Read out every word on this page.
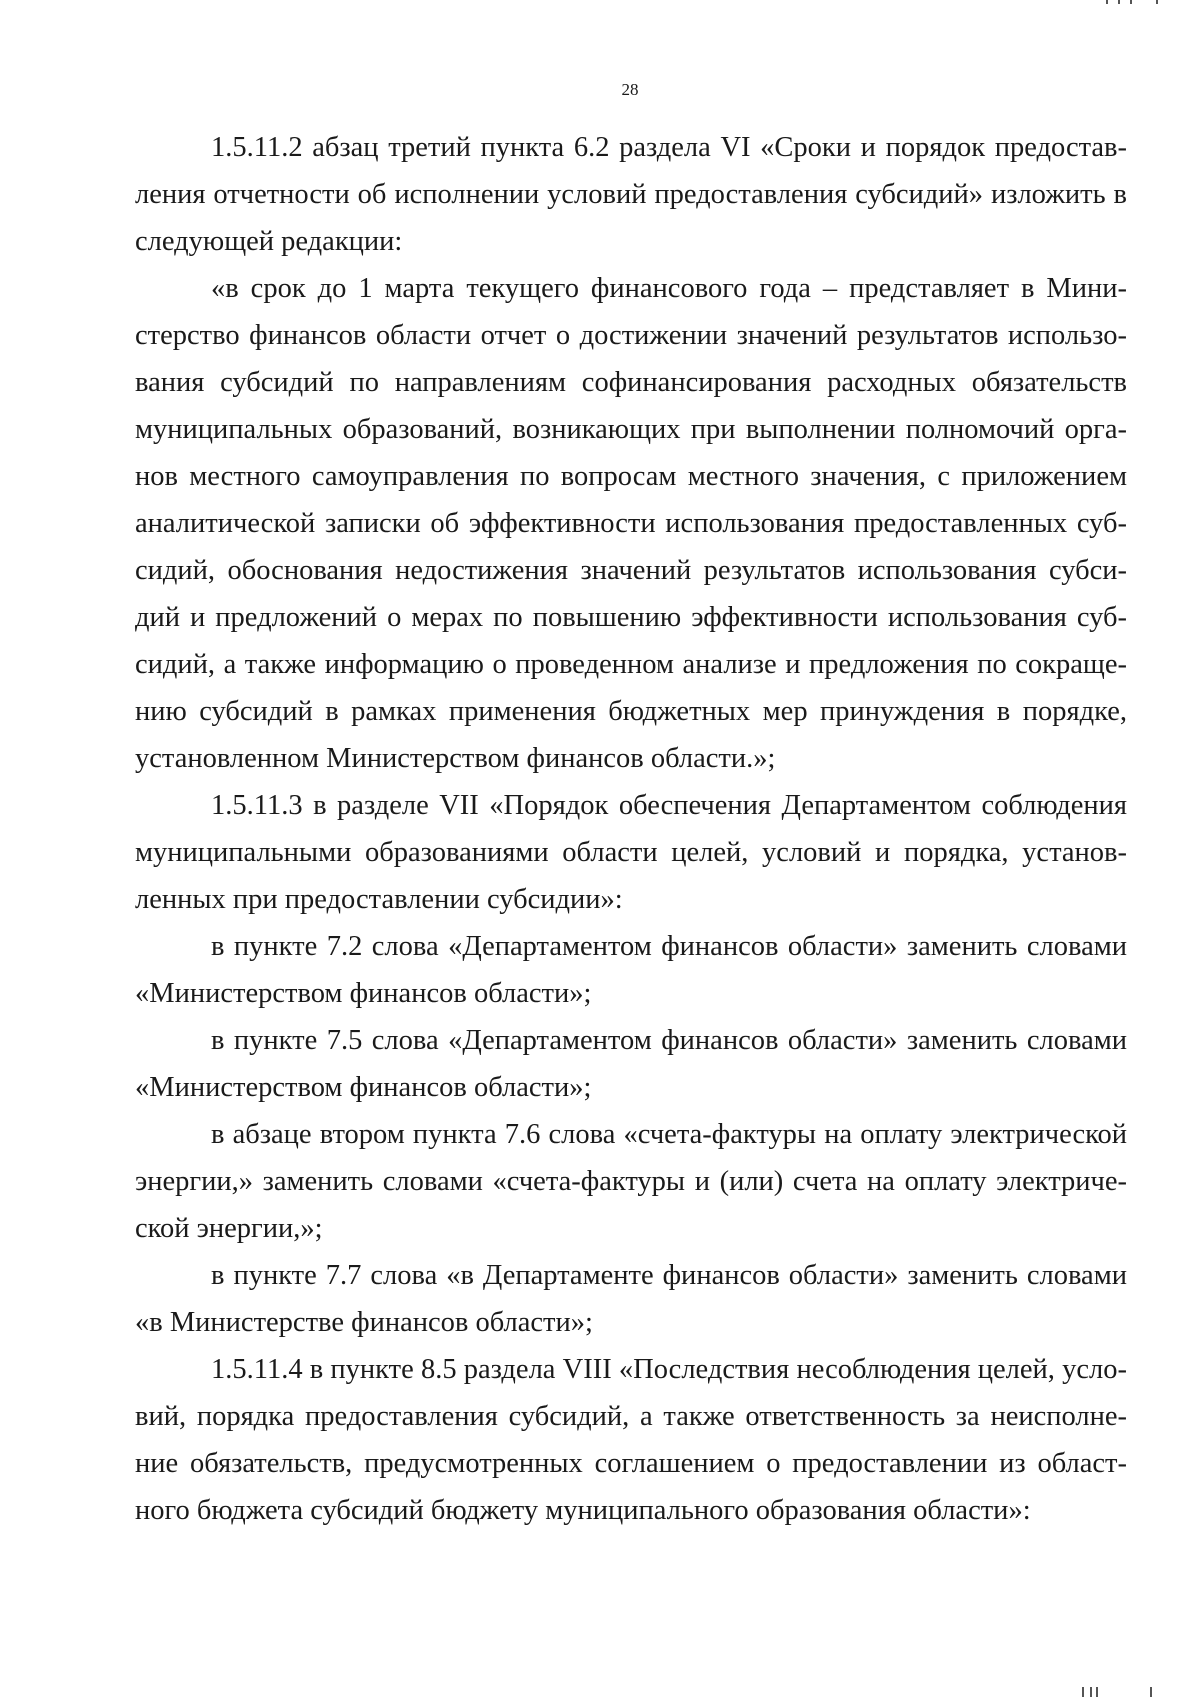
28

1.5.11.2 абзац третий пункта 6.2 раздела VI «Сроки и порядок предостав-
ления отчетности об исполнении условий предоставления субсидий» изложить в
следующей редакции:

«в срок до 1 марта текущего финансового года – представляет в Мини-
стерство финансов области отчет о достижении значений результатов использо-
вания субсидий по направлениям софинансирования расходных обязательств
муниципальных образований, возникающих при выполнении полномочий орга-
нов местного самоуправления по вопросам местного значения, с приложением
аналитической записки об эффективности использования предоставленных суб-
сидий, обоснования недостижения значений результатов использования субси-
дий и предложений о мерах по повышению эффективности использования суб-
сидий, а также информацию о проведенном анализе и предложения по сокраще-
нию субсидий в рамках применения бюджетных мер принуждения в порядке,
установленном Министерством финансов области.»;

1.5.11.3 в разделе VII «Порядок обеспечения Департаментом соблюдения
муниципальными образованиями области целей, условий и порядка, установ-
ленных при предоставлении субсидии»:

в пункте 7.2 слова «Департаментом финансов области» заменить словами
«Министерством финансов области»;

в пункте 7.5 слова «Департаментом финансов области» заменить словами
«Министерством финансов области»;

в абзаце втором пункта 7.6 слова «счета-фактуры на оплату электрической
энергии,» заменить словами «счета-фактуры и (или) счета на оплату электриче-
ской энергии,»;

в пункте 7.7 слова «в Департаменте финансов области» заменить словами
«в Министерстве финансов области»;

1.5.11.4 в пункте 8.5 раздела VIII «Последствия несоблюдения целей, усло-
вий, порядка предоставления субсидий, а также ответственность за неисполне-
ние обязательств, предусмотренных соглашением о предоставлении из област-
ного бюджета субсидий бюджету муниципального образования области»:
